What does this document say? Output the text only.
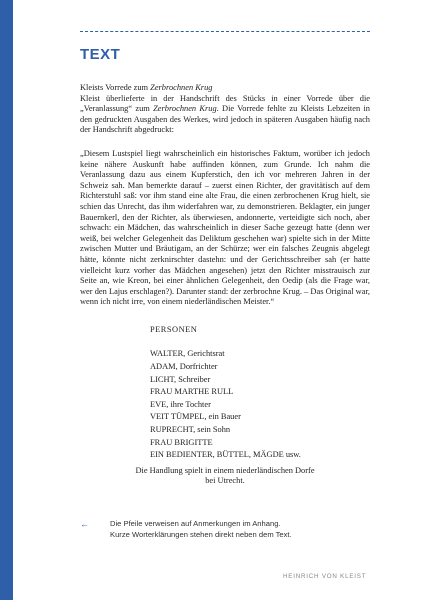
TEXT

Kleists Vorrede zum Zerbrochnen Krug

Kleist überlieferte in der Handschrift des Stücks in einer Vorrede über die „Veranlassung“ zum Zerbrochnen Krug. Die Vorrede fehlte zu Kleists Lebzeiten in den gedruckten Ausgaben des Werkes, wird jedoch in späteren Ausgaben häufig nach der Handschrift abgedruckt:

„Diesem Lustspiel liegt wahrscheinlich ein historisches Faktum, worüber ich jedoch keine nähere Auskunft habe auffinden können, zum Grunde. Ich nahm die Veranlassung dazu aus einem Kupferstich, den ich vor mehreren Jahren in der Schweiz sah. Man bemerkte darauf – zuerst einen Richter, der gravitätisch auf dem Richterstuhl saß: vor ihm stand eine alte Frau, die einen zerbrochenen Krug hielt, sie schien das Unrecht, das ihm widerfahren war, zu demonstrieren. Beklagter, ein junger Bauernkerl, den der Richter, als überwiesen, andonnerte, verteidigte sich noch, aber schwach: ein Mädchen, das wahrscheinlich in dieser Sache gezeugt hatte (denn wer weiß, bei welcher Gelegenheit das Deliktum geschehen war) spielte sich in der Mitte zwischen Mutter und Bräutigam, an der Schürze; wer ein falsches Zeugnis abgelegt hätte, könnte nicht zerknirschter dastehn: und der Gerichtsschreiber sah (er hatte vielleicht kurz vorher das Mädchen angesehen) jetzt den Richter misstrauisch zur Seite an, wie Kreon, bei einer ähnlichen Gelegenheit, den Oedip (als die Frage war, wer den Lajus erschlagen?). Darunter stand: der zerbrochne Krug. – Das Original war, wenn ich nicht irre, von einem niederländischen Meister.“

PERSONEN
WALTER, Gerichtsrat
ADAM, Dorfrichter
LICHT, Schreiber
FRAU MARTHE RULL
EVE, ihre Tochter
VEIT TÜMPEL, ein Bauer
RUPRECHT, sein Sohn
FRAU BRIGITTE
EIN BEDIENTER, BÜTTEL, MÄGDE usw.

Die Handlung spielt in einem niederländischen Dorfe
bei Utrecht.

←	Die Pfeile verweisen auf Anmerkungen im Anhang.
Kurze Worterklärungen stehen direkt neben dem Text.
HEINRICH VON KLEIST
